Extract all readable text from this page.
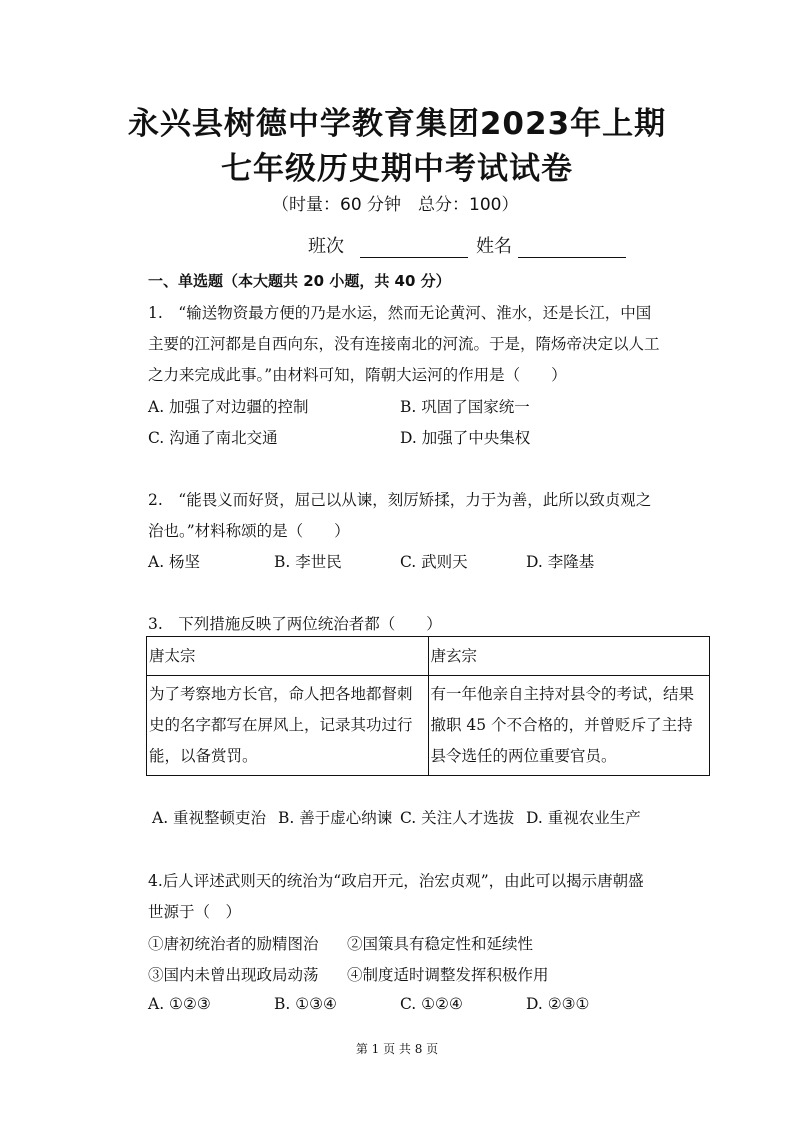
永兴县树德中学教育集团2023年上期
七年级历史期中考试试卷
（时量：60 分钟　总分：100）
班次	姓名
一、单选题（本大题共 20 小题，共 40 分）
1.　“输送物资最方便的乃是水运，然而无论黄河、淮水，还是长江，中国
主要的江河都是自西向东，没有连接南北的河流。于是，隋炀帝决定以人工
之力来完成此事。”由材料可知，隋朝大运河的作用是（　　）
A. 加强了对边疆的控制	B. 巩固了国家统一
C. 沟通了南北交通	D. 加强了中央集权
2.　“能畏义而好贤，屈己以从谏，刻厉矫揉，力于为善，此所以致贞观之
治也。”材料称颂的是（　　）
A. 杨坚	B. 李世民	C. 武则天	D. 李隆基
3.　下列措施反映了两位统治者都（　　）
唐太宗	唐玄宗
为了考察地方长官，命人把各地都督刺史的名字都写在屏风上，记录其功过行能，以备赏罚。	有一年他亲自主持对县令的考试，结果撤职 45 个不合格的，并曾贬斥了主持县令选任的两位重要官员。
A. 重视整顿吏治 B. 善于虚心纳谏 C. 关注人才选拔 D. 重视农业生产
4.后人评述武则天的统治为“政启开元，治宏贞观”，由此可以揭示唐朝盛
世源于（　）
①唐初统治者的励精图治 ②国策具有稳定性和延续性
③国内未曾出现政局动荡 ④制度适时调整发挥积极作用
A. ①②③	B. ①③④	C. ①②④	D. ②③①
第 1 页 共 8 页
